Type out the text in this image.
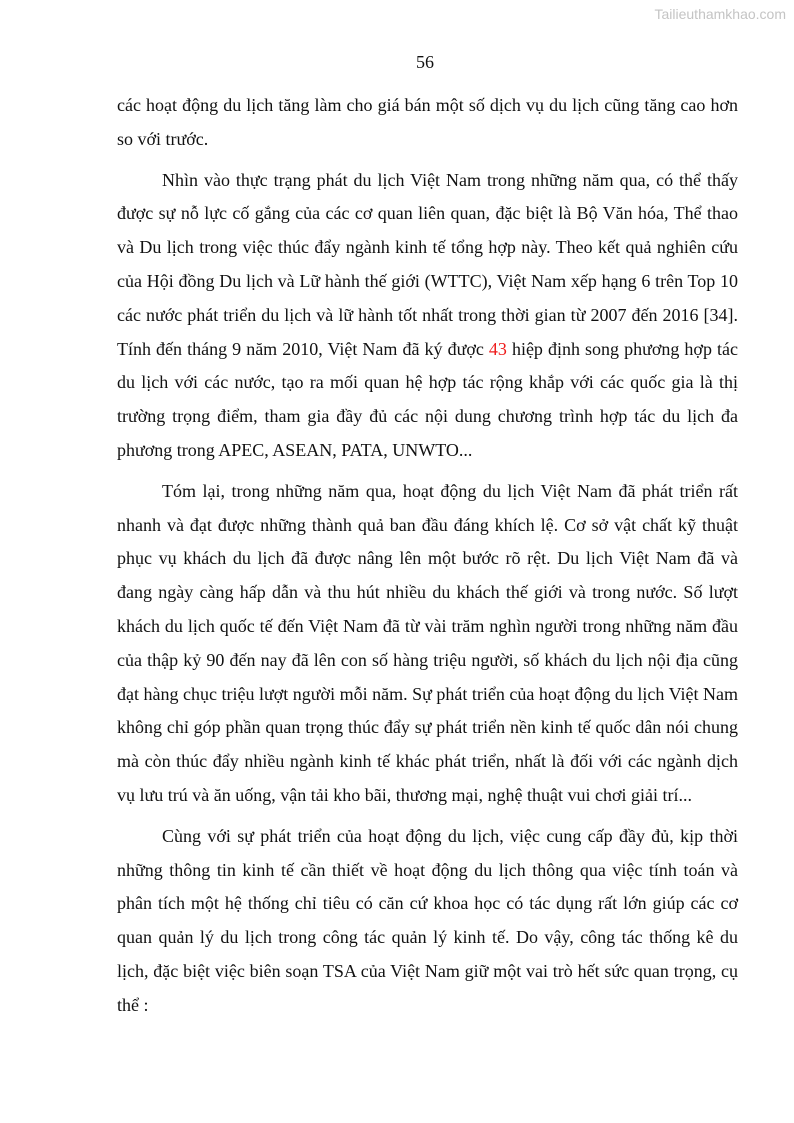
Tailieuthamkhao.com
56

các hoạt động du lịch tăng làm cho giá bán một số dịch vụ du lịch cũng tăng cao hơn so với trước.

Nhìn vào thực trạng phát du lịch Việt Nam trong những năm qua, có thể thấy được sự nỗ lực cố gắng của các cơ quan liên quan, đặc biệt là Bộ Văn hóa, Thể thao và Du lịch trong việc thúc đẩy ngành kinh tế tổng hợp này. Theo kết quả nghiên cứu của Hội đồng Du lịch và Lữ hành thế giới (WTTC), Việt Nam xếp hạng 6 trên Top 10 các nước phát triển du lịch và lữ hành tốt nhất trong thời gian từ 2007 đến 2016 [34]. Tính đến tháng 9 năm 2010, Việt Nam đã ký được 43 hiệp định song phương hợp tác du lịch với các nước, tạo ra mối quan hệ hợp tác rộng khắp với các quốc gia là thị trường trọng điểm, tham gia đầy đủ các nội dung chương trình hợp tác du lịch đa phương trong APEC, ASEAN, PATA, UNWTO...

Tóm lại, trong những năm qua, hoạt động du lịch Việt Nam đã phát triển rất nhanh và đạt được những thành quả ban đầu đáng khích lệ. Cơ sở vật chất kỹ thuật phục vụ khách du lịch đã được nâng lên một bước rõ rệt. Du lịch Việt Nam đã và đang ngày càng hấp dẫn và thu hút nhiều du khách thế giới và trong nước. Số lượt khách du lịch quốc tế đến Việt Nam đã từ vài trăm nghìn người trong những năm đầu của thập kỷ 90 đến nay đã lên con số hàng triệu người, số khách du lịch nội địa cũng đạt hàng chục triệu lượt người mỗi năm. Sự phát triển của hoạt động du lịch Việt Nam không chỉ góp phần quan trọng thúc đẩy sự phát triển nền kinh tế quốc dân nói chung mà còn thúc đẩy nhiều ngành kinh tế khác phát triển, nhất là đối với các ngành dịch vụ lưu trú và ăn uống, vận tải kho bãi, thương mại, nghệ thuật vui chơi giải trí...

Cùng với sự phát triển của hoạt động du lịch, việc cung cấp đầy đủ, kịp thời những thông tin kinh tế cần thiết về hoạt động du lịch thông qua việc tính toán và phân tích một hệ thống chỉ tiêu có căn cứ khoa học có tác dụng rất lớn giúp các cơ quan quản lý du lịch trong công tác quản lý kinh tế. Do vậy, công tác thống kê du lịch, đặc biệt việc biên soạn TSA của Việt Nam giữ một vai trò hết sức quan trọng, cụ thể :
